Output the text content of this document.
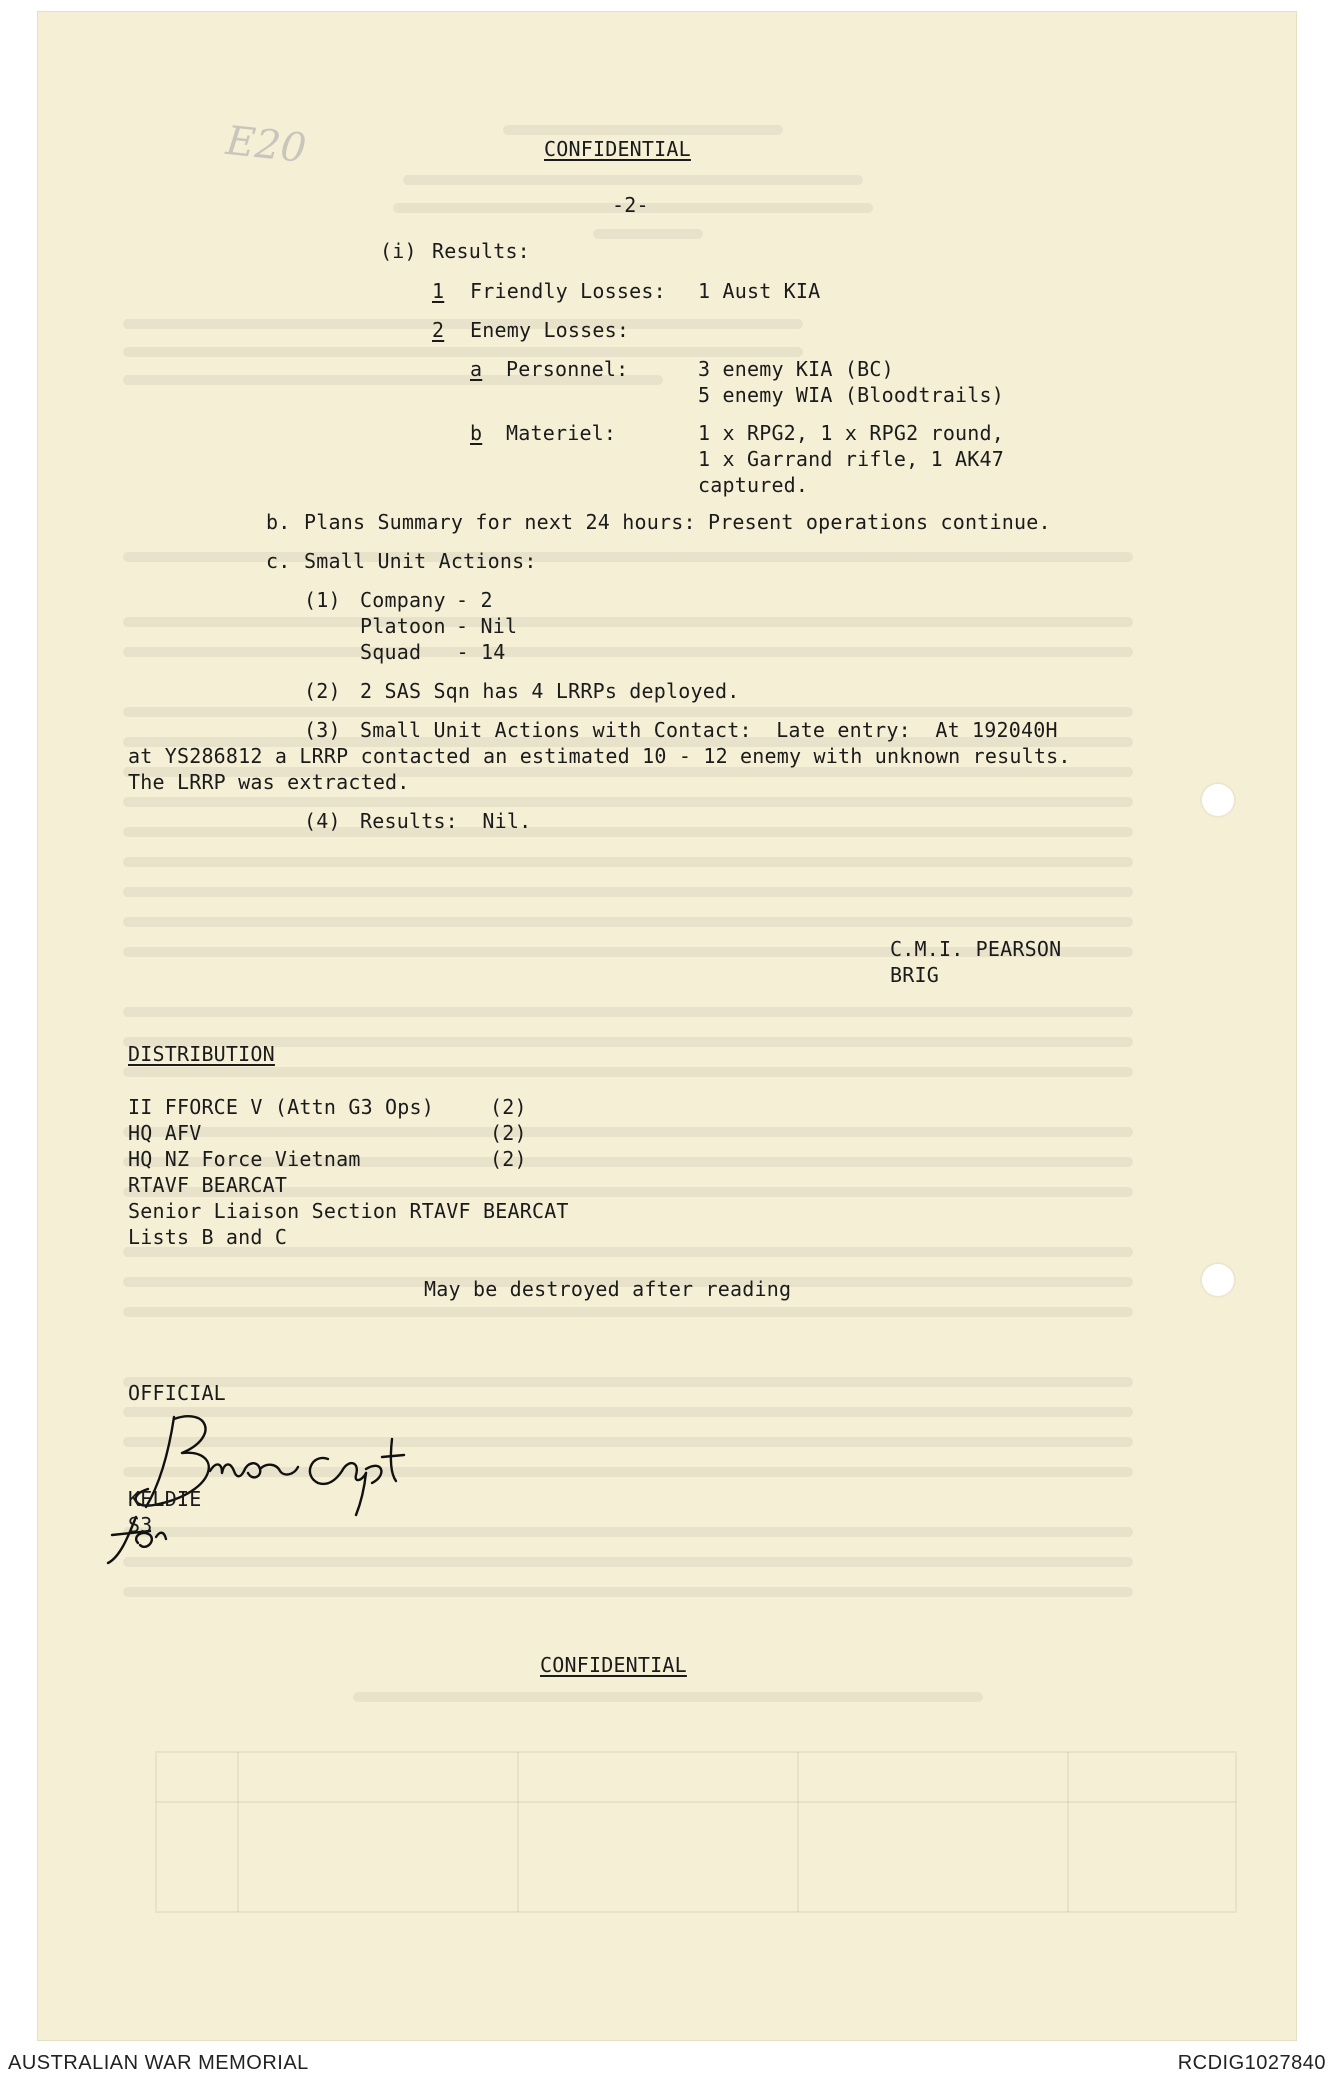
E20	CONFIDENTIAL
-2-
(i) Results:
1 Friendly Losses: 1 Aust KIA
2 Enemy Losses:
a Personnel:	3 enemy KIA (BC)
5 enemy WIA (Bloodtrails)
b Materiel:	1 x RPG2, 1 x RPG2 round,
1 x Garrand rifle, 1 AK47
captured.
b. Plans Summary for next 24 hours: Present operations continue.
c. Small Unit Actions:
(1) Company - 2
Platoon - Nil
Squad - 14
(2) 2 SAS Sqn has 4 LRRPs deployed.
(3) Small Unit Actions with Contact:  Late entry:  At 192040H
at YS286812 a LRRP contacted an estimated 10 - 12 enemy with unknown results.
The LRRP was extracted.
(4) Results:  Nil.
C.M.I. PEARSON
BRIG
DISTRIBUTION
II FFORCE V (Attn G3 Ops)	(2)
HQ AFV	(2)
HQ NZ Force Vietnam	(2)
RTAVF BEARCAT
Senior Liaison Section RTAVF BEARCAT
Lists B and C
May be destroyed after reading
OFFICIAL
KELDIE
S3
CONFIDENTIAL
AUSTRALIAN WAR MEMORIAL	RCDIG1027840
